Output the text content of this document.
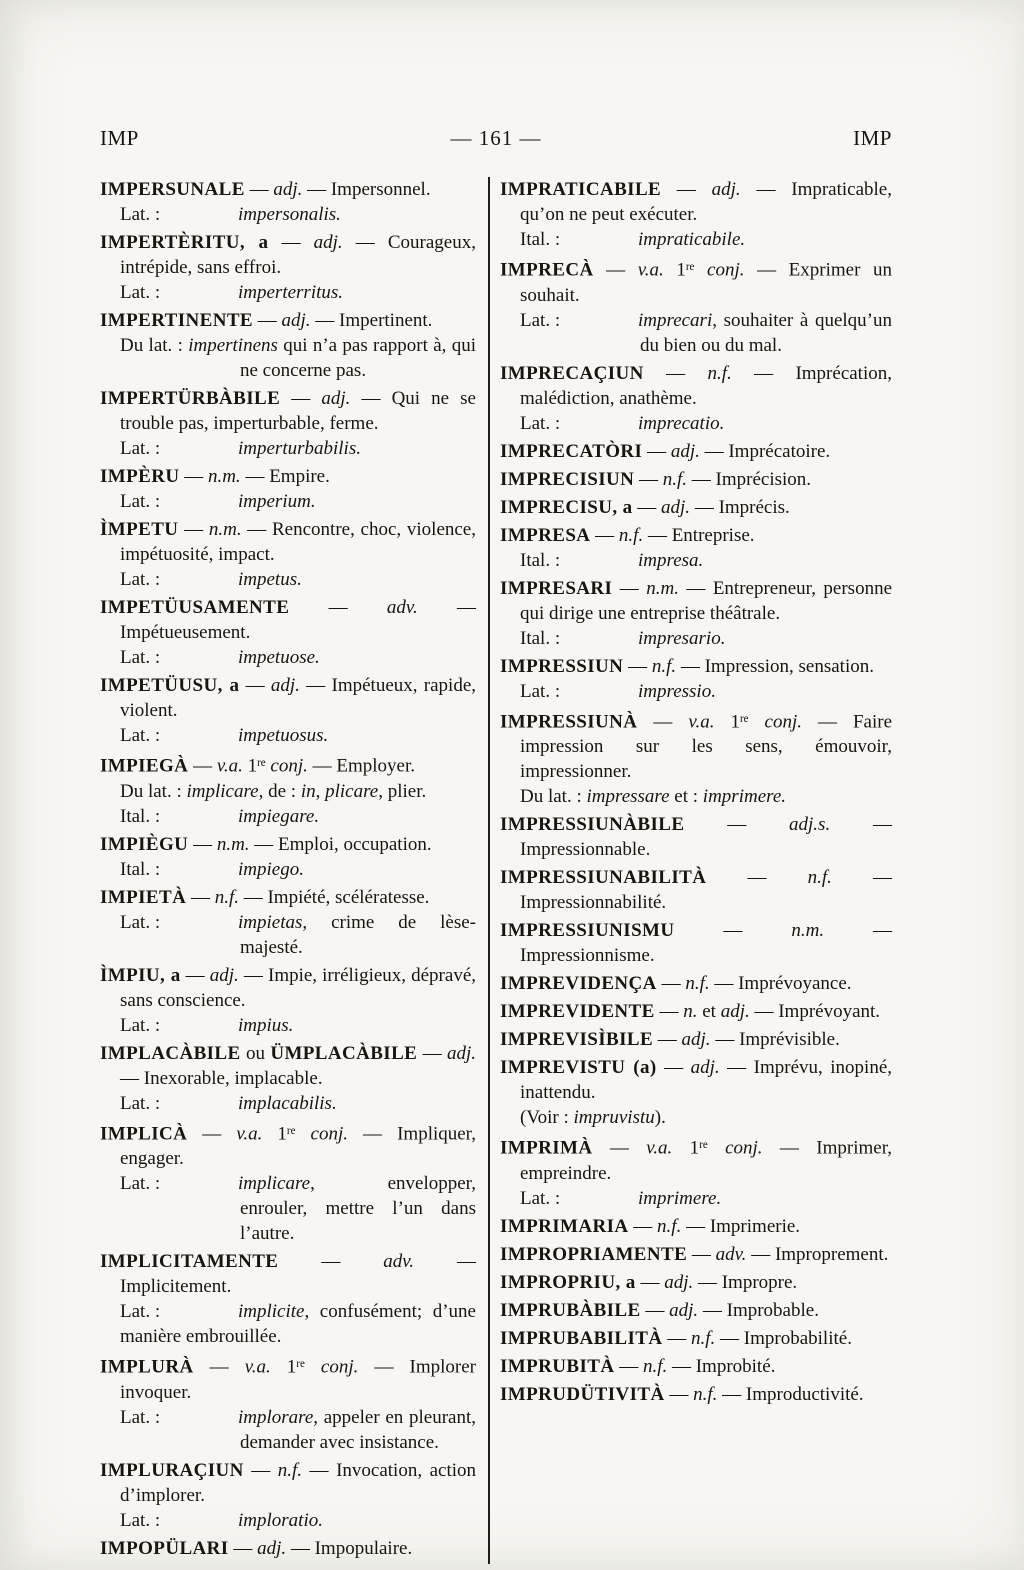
IMP	— 161 —	IMP
IMPERSUNALE — adj. — Impersonnel.
Lat. :	impersonalis.
IMPERTÈRITU, a — adj. — Courageux, intrépide, sans effroi.
Lat. :	imperterritus.
IMPERTINENTE — adj. — Impertinent.
Du lat. : impertinens qui n’a pas rapport à, qui ne concerne pas.
IMPERTÜRBÀBILE — adj. — Qui ne se trouble pas, imperturbable, ferme.
Lat. :	imperturbabilis.
IMPÈRU — n.m. — Empire.
Lat. :	imperium.
ÌMPETU — n.m. — Rencontre, choc, violence, impétuosité, impact.
Lat. :	impetus.
IMPETÜUSAMENTE — adv. — Impétueusement.
Lat. :	impetuose.
IMPETÜUSU, a — adj. — Impétueux, rapide, violent.
Lat. :	impetuosus.
IMPIEGÀ — v.a. 1re conj. — Employer.
Du lat. : implicare, de : in, plicare, plier.
Ital. :	impiegare.
IMPIÈGU — n.m. — Emploi, occupation.
Ital. :	impiego.
IMPIETÀ — n.f. — Impiété, scélératesse.
Lat. :	impietas, crime de lèse-majesté.
ÌMPIU, a — adj. — Impie, irréligieux, dépravé, sans conscience.
Lat. :	impius.
IMPLACÀBILE ou ÜMPLACÀBILE — adj. — Inexorable, implacable.
Lat. :	implacabilis.
IMPLICÀ — v.a. 1re conj. — Impliquer, engager.
Lat. :	implicare, envelopper, enrouler, mettre l’un dans l’autre.
IMPLICITAMENTE — adv. — Implicitement.
Lat. :	implicite, confusément; d’une manière embrouillée.
IMPLURÀ — v.a. 1re conj. — Implorer invoquer.
Lat. :	implorare, appeler en pleurant, demander avec insistance.
IMPLURAÇIUN — n.f. — Invocation, action d’implorer.
Lat. :	imploratio.
IMPOPÜLARI — adj. — Impopulaire.
IMPRATICABILE — adj. — Impraticable, qu’on ne peut exécuter.
Ital. :	impraticabile.
IMPRECÀ — v.a. 1re conj. — Exprimer un souhait.
Lat. :	imprecari, souhaiter à quelqu’un du bien ou du mal.
IMPRECAÇIUN — n.f. — Imprécation, malédiction, anathème.
Lat. :	imprecatio.
IMPRECATÒRI — adj. — Imprécatoire.
IMPRECISIUN — n.f. — Imprécision.
IMPRECISU, a — adj. — Imprécis.
IMPRESA — n.f. — Entreprise.
Ital. :	impresa.
IMPRESARI — n.m. — Entrepreneur, personne qui dirige une entreprise théâtrale.
Ital. :	impresario.
IMPRESSIUN — n.f. — Impression, sensation.
Lat. :	impressio.
IMPRESSIUNÀ — v.a. 1re conj. — Faire impression sur les sens, émouvoir, impressionner.
Du lat. : impressare et : imprimere.
IMPRESSIUNÀBILE — adj.s. — Impressionnable.
IMPRESSIUNABILITÀ — n.f. — Impressionnabilité.
IMPRESSIUNISMU — n.m. — Impressionnisme.
IMPREVIDENÇA — n.f. — Imprévoyance.
IMPREVIDENTE — n. et adj. — Imprévoyant.
IMPREVISÌBILE — adj. — Imprévisible.
IMPREVISTU (a) — adj. — Imprévu, inopiné, inattendu.
(Voir : impruvistu).
IMPRIMÀ — v.a. 1re conj. — Imprimer, empreindre.
Lat. :	imprimere.
IMPRIMARIA — n.f. — Imprimerie.
IMPROPRIAMENTE — adv. — Improprement.
IMPROPRIU, a — adj. — Impropre.
IMPRUBÀBILE — adj. — Improbable.
IMPRUBABILITÀ — n.f. — Improbabilité.
IMPRUBITÀ — n.f. — Improbité.
IMPRUDÜTIVITÀ — n.f. — Improductivité.
